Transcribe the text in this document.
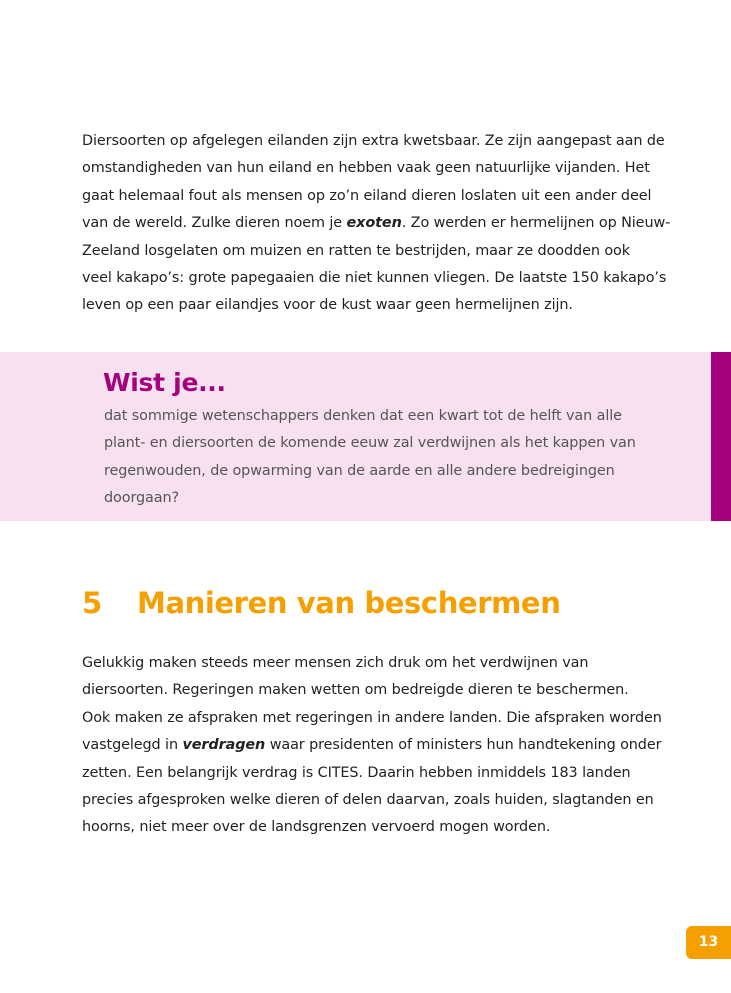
Diersoorten op afgelegen eilanden zijn extra kwetsbaar. Ze zijn aangepast aan de
omstandigheden van hun eiland en hebben vaak geen natuurlijke vijanden. Het
gaat helemaal fout als mensen op zo’n eiland dieren loslaten uit een ander deel
van de wereld. Zulke dieren noem je exoten. Zo werden er hermelijnen op Nieuw-
Zeeland losgelaten om muizen en ratten te bestrijden, maar ze doodden ook
veel kakapo’s: grote papegaaien die niet kunnen vliegen. De laatste 150 kakapo’s
leven op een paar eilandjes voor de kust waar geen hermelijnen zijn.

Wist je...

dat sommige wetenschappers denken dat een kwart tot de helft van alle
plant- en diersoorten de komende eeuw zal verdwijnen als het kappen van
regenwouden, de opwarming van de aarde en alle andere bedreigingen
doorgaan?

5 Manieren van beschermen

Gelukkig maken steeds meer mensen zich druk om het verdwijnen van
diersoorten. Regeringen maken wetten om bedreigde dieren te beschermen.
Ook maken ze afspraken met regeringen in andere landen. Die afspraken worden
vastgelegd in verdragen waar presidenten of ministers hun handtekening onder
zetten. Een belangrijk verdrag is CITES. Daarin hebben inmiddels 183 landen
precies afgesproken welke dieren of delen daarvan, zoals huiden, slagtanden en
hoorns, niet meer over de landsgrenzen vervoerd mogen worden.

13
